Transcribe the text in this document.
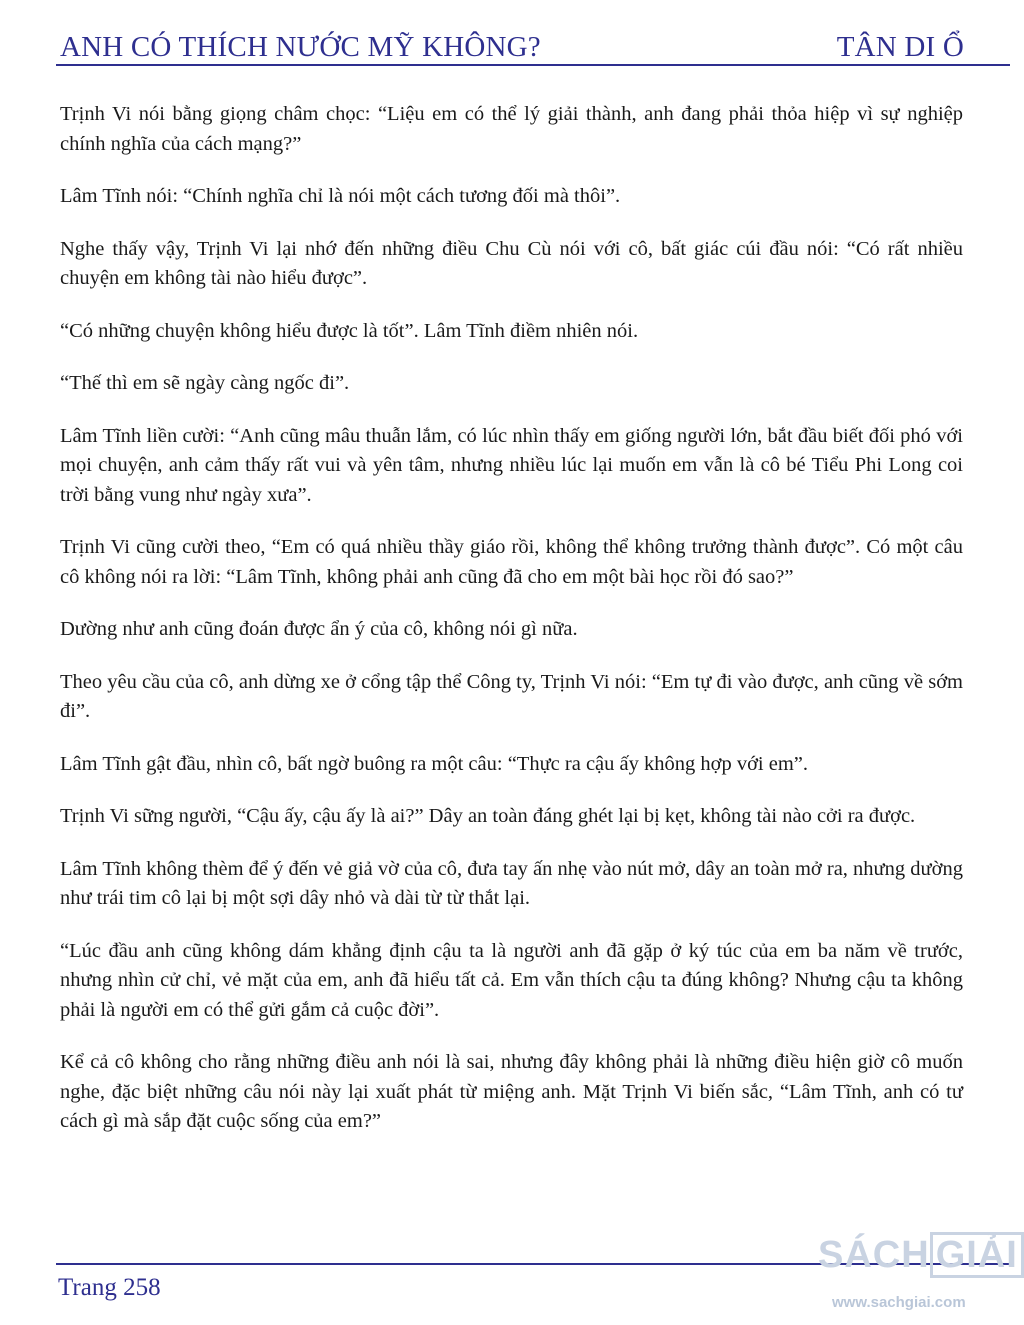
ANH CÓ THÍCH NƯỚC MỸ KHÔNG?	TÂN DI Ổ

Trịnh Vi nói bằng giọng châm chọc: “Liệu em có thể lý giải thành, anh đang phải thỏa hiệp vì sự nghiệp chính nghĩa của cách mạng?”

Lâm Tĩnh nói: “Chính nghĩa chỉ là nói một cách tương đối mà thôi”.

Nghe thấy vậy, Trịnh Vi lại nhớ đến những điều Chu Cù nói với cô, bất giác cúi đầu nói: “Có rất nhiều chuyện em không tài nào hiểu được”.

“Có những chuyện không hiểu được là tốt”. Lâm Tĩnh điềm nhiên nói.

“Thế thì em sẽ ngày càng ngốc đi”.

Lâm Tĩnh liền cười: “Anh cũng mâu thuẫn lắm, có lúc nhìn thấy em giống người lớn, bắt đầu biết đối phó với mọi chuyện, anh cảm thấy rất vui và yên tâm, nhưng nhiều lúc lại muốn em vẫn là cô bé Tiểu Phi Long coi trời bằng vung như ngày xưa”.

Trịnh Vi cũng cười theo, “Em có quá nhiều thầy giáo rồi, không thể không trưởng thành được”. Có một câu cô không nói ra lời: “Lâm Tĩnh, không phải anh cũng đã cho em một bài học rồi đó sao?”

Dường như anh cũng đoán được ẩn ý của cô, không nói gì nữa.

Theo yêu cầu của cô, anh dừng xe ở cổng tập thể Công ty, Trịnh Vi nói: “Em tự đi vào được, anh cũng về sớm đi”.

Lâm Tĩnh gật đầu, nhìn cô, bất ngờ buông ra một câu: “Thực ra cậu ấy không hợp với em”.

Trịnh Vi sững người, “Cậu ấy, cậu ấy là ai?” Dây an toàn đáng ghét lại bị kẹt, không tài nào cởi ra được.

Lâm Tĩnh không thèm để ý đến vẻ giả vờ của cô, đưa tay ấn nhẹ vào nút mở, dây an toàn mở ra, nhưng dường như trái tim cô lại bị một sợi dây nhỏ và dài từ từ thắt lại.

“Lúc đầu anh cũng không dám khẳng định cậu ta là người anh đã gặp ở ký túc của em ba năm về trước, nhưng nhìn cử chỉ, vẻ mặt của em, anh đã hiểu tất cả. Em vẫn thích cậu ta đúng không? Nhưng cậu ta không phải là người em có thể gửi gắm cả cuộc đời”.

Kể cả cô không cho rằng những điều anh nói là sai, nhưng đây không phải là những điều hiện giờ cô muốn nghe, đặc biệt những câu nói này lại xuất phát từ miệng anh. Mặt Trịnh Vi biến sắc, “Lâm Tĩnh, anh có tư cách gì mà sắp đặt cuộc sống của em?”

Trang 258
SÁCH GIẢI
www.sachgiai.com
